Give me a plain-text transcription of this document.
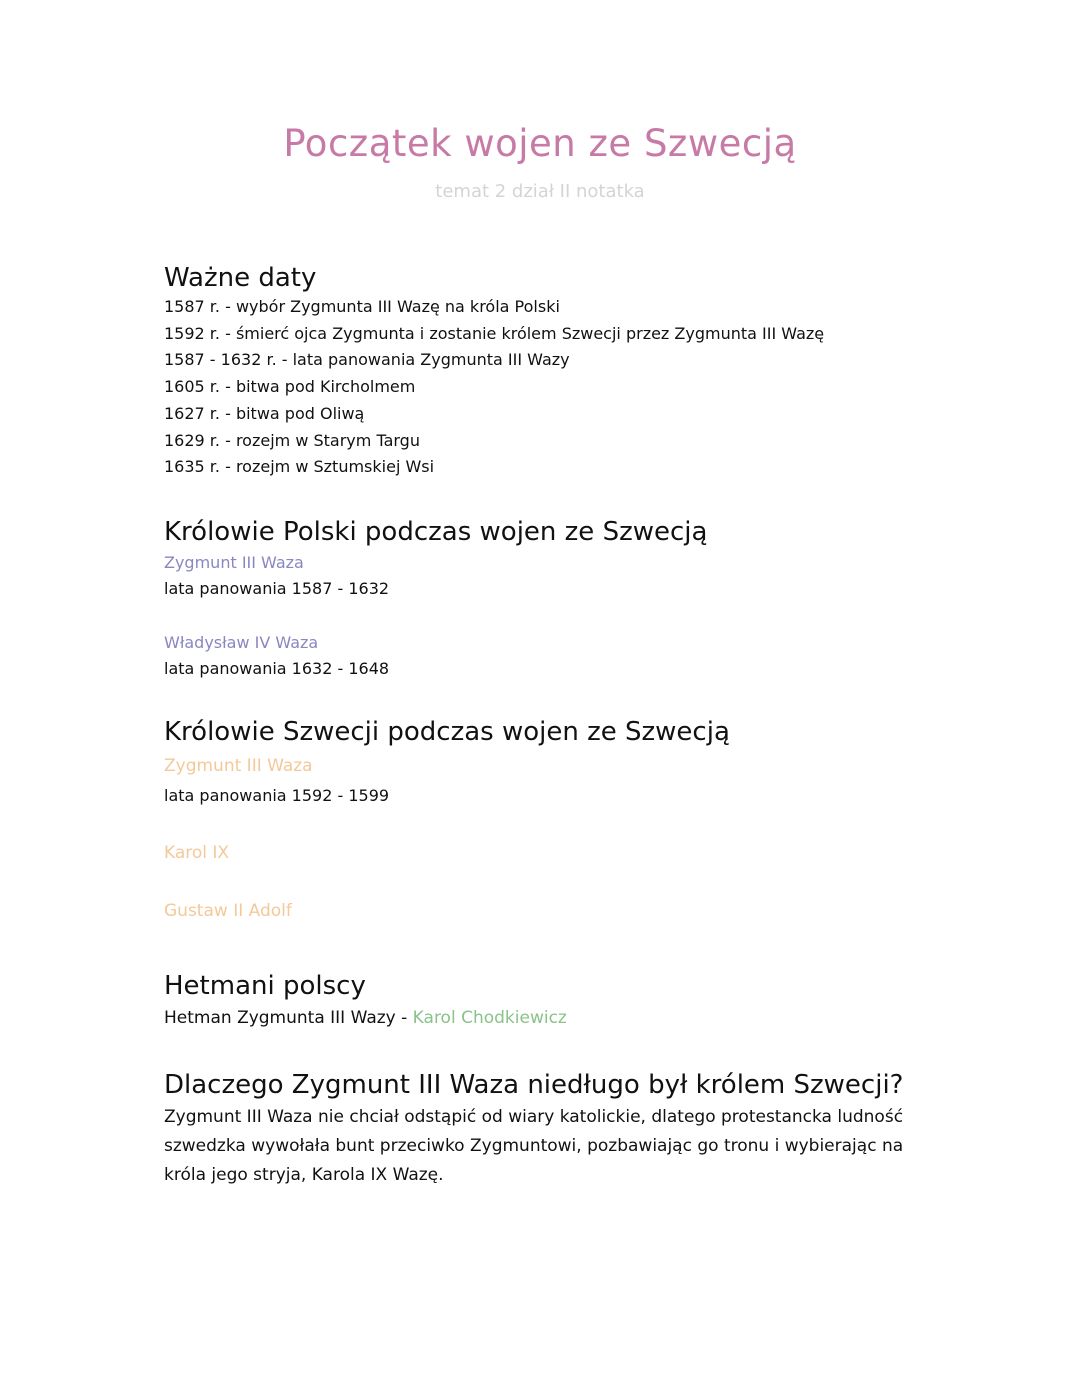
Początek wojen ze Szwecją
temat 2 dział II notatka
Ważne daty
1587 r. - wybór Zygmunta III Wazę na króla Polski
1592 r. - śmierć ojca Zygmunta i zostanie królem Szwecji przez Zygmunta III Wazę
1587 - 1632 r. - lata panowania Zygmunta III Wazy
1605 r. - bitwa pod Kircholmem
1627 r. - bitwa pod Oliwą
1629 r. - rozejm w Starym Targu
1635 r. - rozejm w Sztumskiej Wsi
Królowie Polski podczas wojen ze Szwecją
Zygmunt III Waza
lata panowania 1587 - 1632
Władysław IV Waza
lata panowania 1632 - 1648
Królowie Szwecji podczas wojen ze Szwecją
Zygmunt III Waza
lata panowania 1592 - 1599
Karol IX
Gustaw II Adolf
Hetmani polscy
Hetman Zygmunta III Wazy - Karol Chodkiewicz
Dlaczego Zygmunt III Waza niedługo był królem Szwecji?

Zygmunt III Waza nie chciał odstąpić od wiary katolickie, dlatego protestancka ludność szwedzka wywołała bunt przeciwko Zygmuntowi, pozbawiając go tronu i wybierając na króla jego stryja, Karola IX Wazę.
